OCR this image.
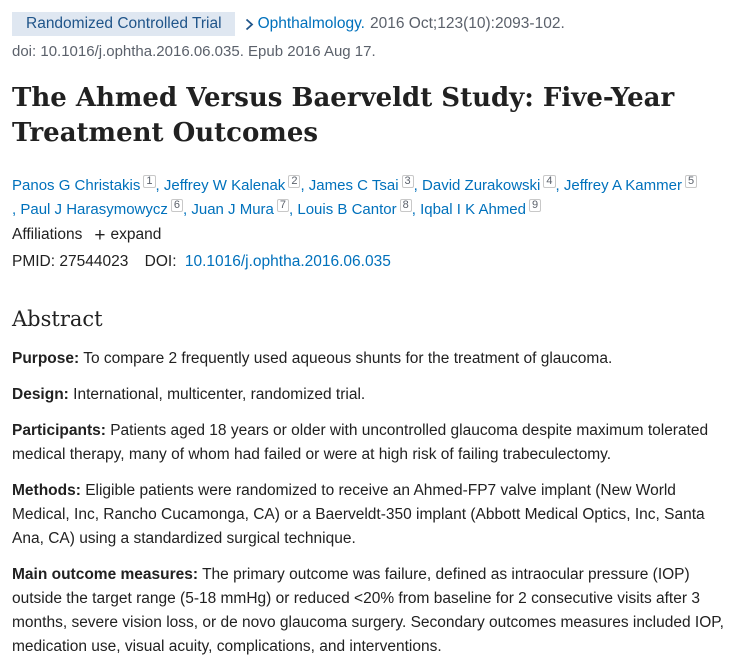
Randomized Controlled Trial	Ophthalmology. 2016 Oct;123(10):2093-102.
doi: 10.1016/j.ophtha.2016.06.035. Epub 2016 Aug 17.
The Ahmed Versus Baerveldt Study: Five-Year Treatment Outcomes
Panos G Christakis $^1$ , Jeffrey W Kalenak $^2$ , James C Tsai $^3$ , David Zurakowski $^4$ , Jeffrey A Kammer $^5$
, Paul J Harasymowycz $^6$ , Juan J Mura $^7$ , Louis B Cantor $^8$ , Iqbal I K Ahmed $^9$
Affiliations + expand
PMID: 27544023 DOI: 10.1016/j.ophtha.2016.06.035
Abstract

Purpose: To compare 2 frequently used aqueous shunts for the treatment of glaucoma.

Design: International, multicenter, randomized trial.

Participants: Patients aged 18 years or older with uncontrolled glaucoma despite maximum tolerated medical therapy, many of whom had failed or were at high risk of failing trabeculectomy.

Methods: Eligible patients were randomized to receive an Ahmed-FP7 valve implant (New World Medical, Inc, Rancho Cucamonga, CA) or a Baerveldt-350 implant (Abbott Medical Optics, Inc, Santa Ana, CA) using a standardized surgical technique.

Main outcome measures: The primary outcome was failure, defined as intraocular pressure (IOP) outside the target range (5-18 mmHg) or reduced <20% from baseline for 2 consecutive visits after 3 months, severe vision loss, or de novo glaucoma surgery. Secondary outcomes measures included IOP, medication use, visual acuity, complications, and interventions.
